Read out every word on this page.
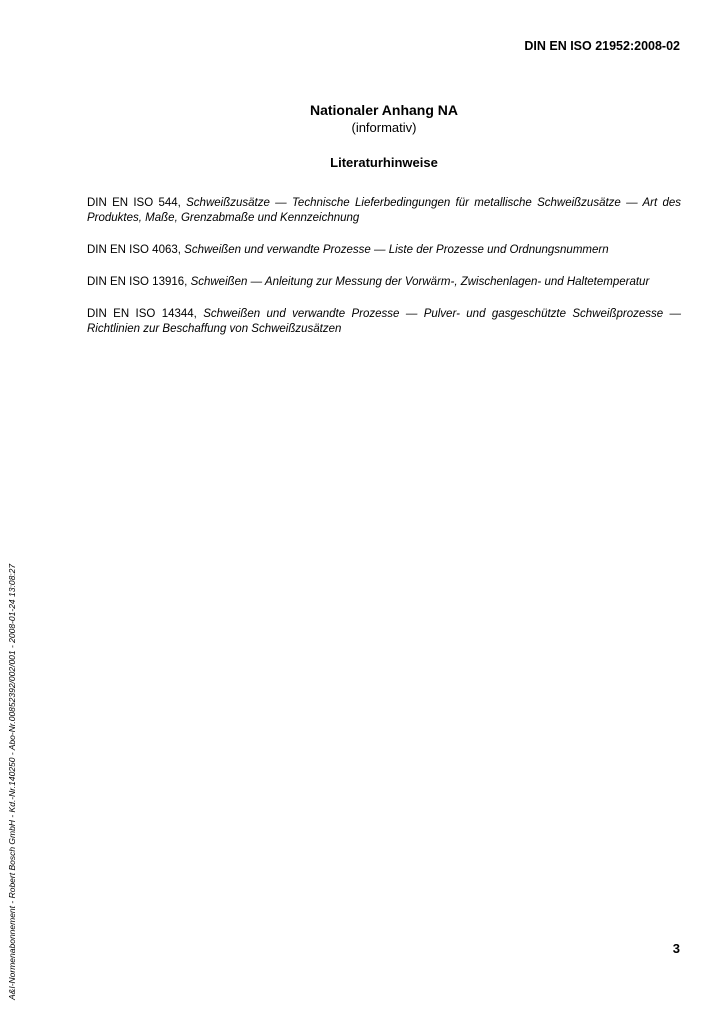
DIN EN ISO 21952:2008-02
Nationaler Anhang NA
(informativ)
Literaturhinweise

DIN EN ISO 544, Schweißzusätze — Technische Lieferbedingungen für metallische Schweißzusätze — Art des Produktes, Maße, Grenzabmaße und Kennzeichnung

DIN EN ISO 4063, Schweißen und verwandte Prozesse — Liste der Prozesse und Ordnungsnummern

DIN EN ISO 13916, Schweißen — Anleitung zur Messung der Vorwärm-, Zwischenlagen- und Haltetemperatur

DIN EN ISO 14344, Schweißen und verwandte Prozesse — Pulver- und gasgeschützte Schweißprozesse — Richtlinien zur Beschaffung von Schweißzusätzen

A&I-Normenabonnement - Robert Bosch GmbH - Kd.-Nr.140250 - Abo-Nr.00852392/002/001 - 2008-01-24 13:08:27	3
